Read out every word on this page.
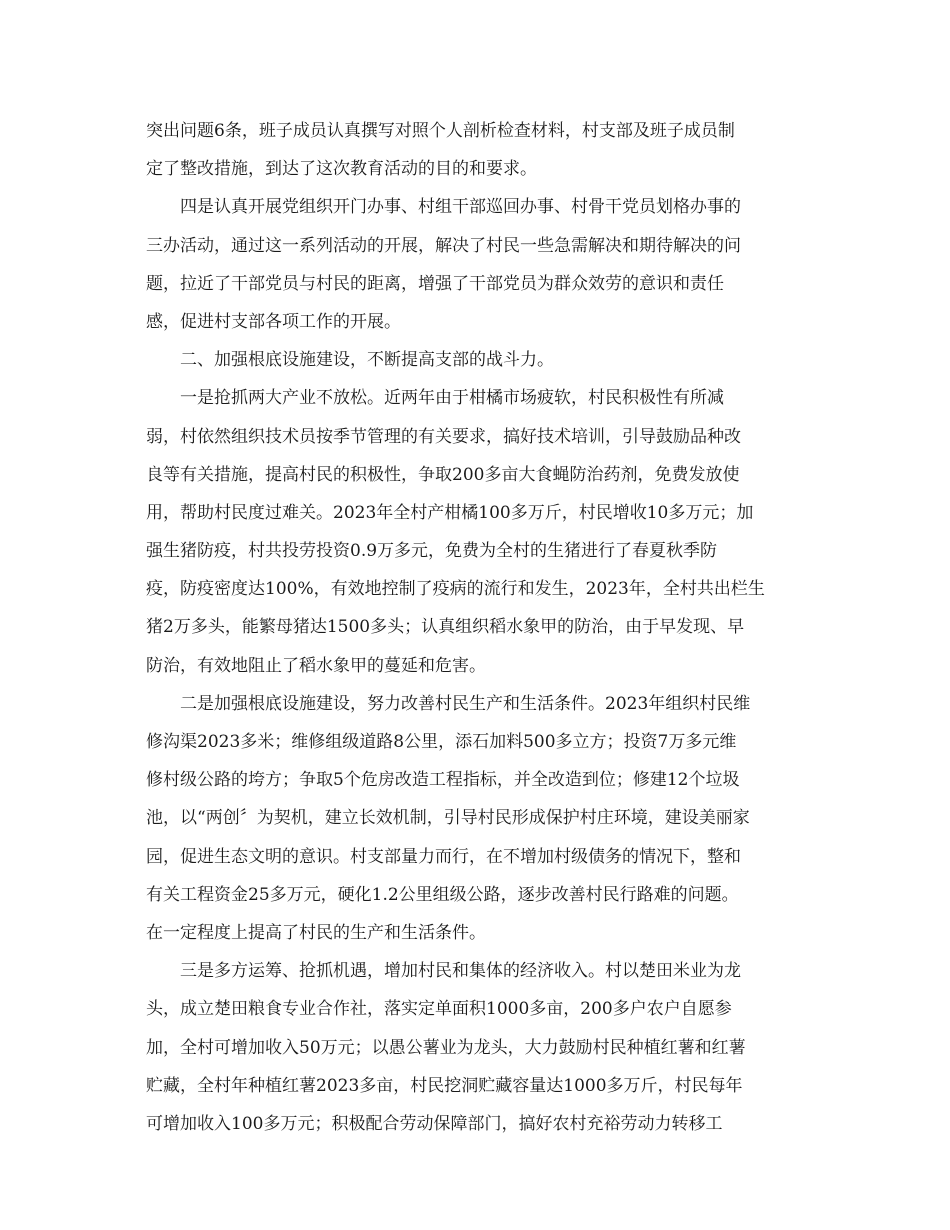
突出问题6条，班子成员认真撰写对照个人剖析检查材料，村支部及班子成员制
定了整改措施，到达了这次教育活动的目的和要求。
四是认真开展党组织开门办事、村组干部巡回办事、村骨干党员划格办事的
三办活动，通过这一系列活动的开展，解决了村民一些急需解决和期待解决的问
题，拉近了干部党员与村民的距离，增强了干部党员为群众效劳的意识和责任
感，促进村支部各项工作的开展。
二、加强根底设施建设，不断提高支部的战斗力。
一是抢抓两大产业不放松。近两年由于柑橘市场疲软，村民积极性有所减
弱，村依然组织技术员按季节管理的有关要求，搞好技术培训，引导鼓励品种改
良等有关措施，提高村民的积极性，争取200多亩大食蝇防治药剂，免费发放使
用，帮助村民度过难关。2023年全村产柑橘100多万斤，村民增收10多万元；加
强生猪防疫，村共投劳投资0.9万多元，免费为全村的生猪进行了春夏秋季防
疫，防疫密度达100%，有效地控制了疫病的流行和发生，2023年，全村共出栏生
猪2万多头，能繁母猪达1500多头；认真组织稻水象甲的防治，由于早发现、早
防治，有效地阻止了稻水象甲的蔓延和危害。
二是加强根底设施建设，努力改善村民生产和生活条件。2023年组织村民维
修沟渠2023多米；维修组级道路8公里，添石加料500多立方；投资7万多元维
修村级公路的垮方；争取5个危房改造工程指标，并全改造到位；修建12个垃圾
池，以“两创〞为契机，建立长效机制，引导村民形成保护村庄环境，建设美丽家
园，促进生态文明的意识。村支部量力而行，在不增加村级债务的情况下，整和
有关工程资金25多万元，硬化1.2公里组级公路，逐步改善村民行路难的问题。
在一定程度上提高了村民的生产和生活条件。
三是多方运筹、抢抓机遇，增加村民和集体的经济收入。村以楚田米业为龙
头，成立楚田粮食专业合作社，落实定单面积1000多亩，200多户农户自愿参
加，全村可增加收入50万元；以愚公薯业为龙头，大力鼓励村民种植红薯和红薯
贮藏，全村年种植红薯2023多亩，村民挖洞贮藏容量达1000多万斤，村民每年
可增加收入100多万元；积极配合劳动保障部门，搞好农村充裕劳动力转移工
